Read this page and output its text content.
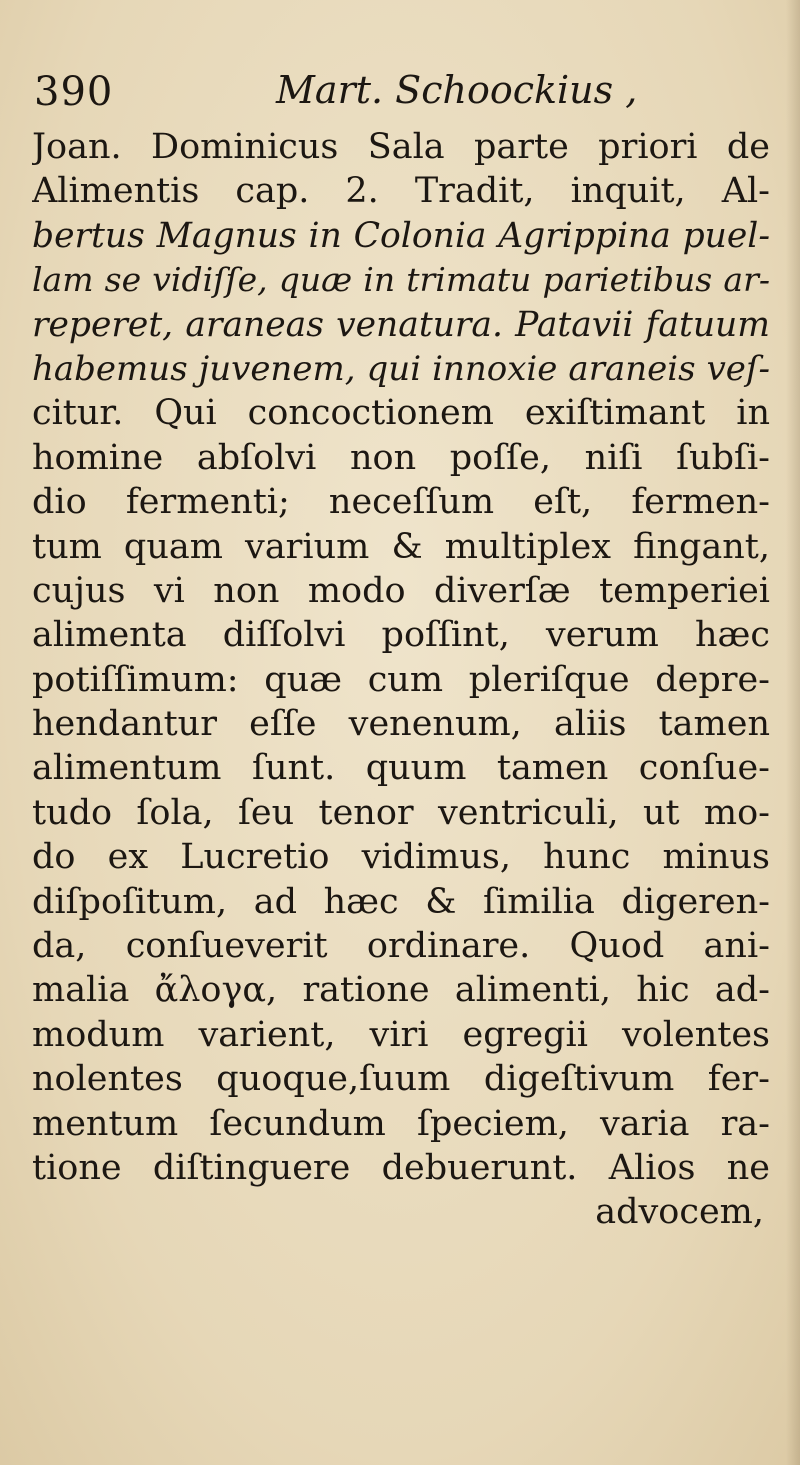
390	Mart. Schoockius ,
Joan. Dominicus Sala parte priori de
Alimentis cap. 2. Tradit, inquit, Al-
bertus Magnus in Colonia Agrippina puel-
lam se vidiſſe, quæ in trimatu parietibus ar-
reperet, araneas venatura. Patavii fatuum
habemus juvenem, qui innoxie araneis veſ-
citur. Qui concoctionem exiſtimant in
homine abſolvi non poſſe, niſi ſubſi-
dio fermenti; neceſſum eſt, fermen-
tum quam varium & multiplex fingant,
cujus vi non modo diverſæ temperiei
alimenta diſſolvi poſſint, verum hæc
potiſſimum: quæ cum pleriſque depre-
hendantur eſſe venenum, aliis tamen
alimentum ſunt. quum tamen conſue-
tudo ſola, ſeu tenor ventriculi, ut mo-
do ex Lucretio vidimus, hunc minus
diſpoſitum, ad hæc & ſimilia digeren-
da, conſueverit ordinare. Quod ani-
malia ἄλογα, ratione alimenti, hic ad-
modum varient, viri egregii volentes
nolentes quoque,ſuum digeſtivum fer-
mentum ſecundum ſpeciem, varia ra-
tione diſtinguere debuerunt. Alios ne
advocem,
